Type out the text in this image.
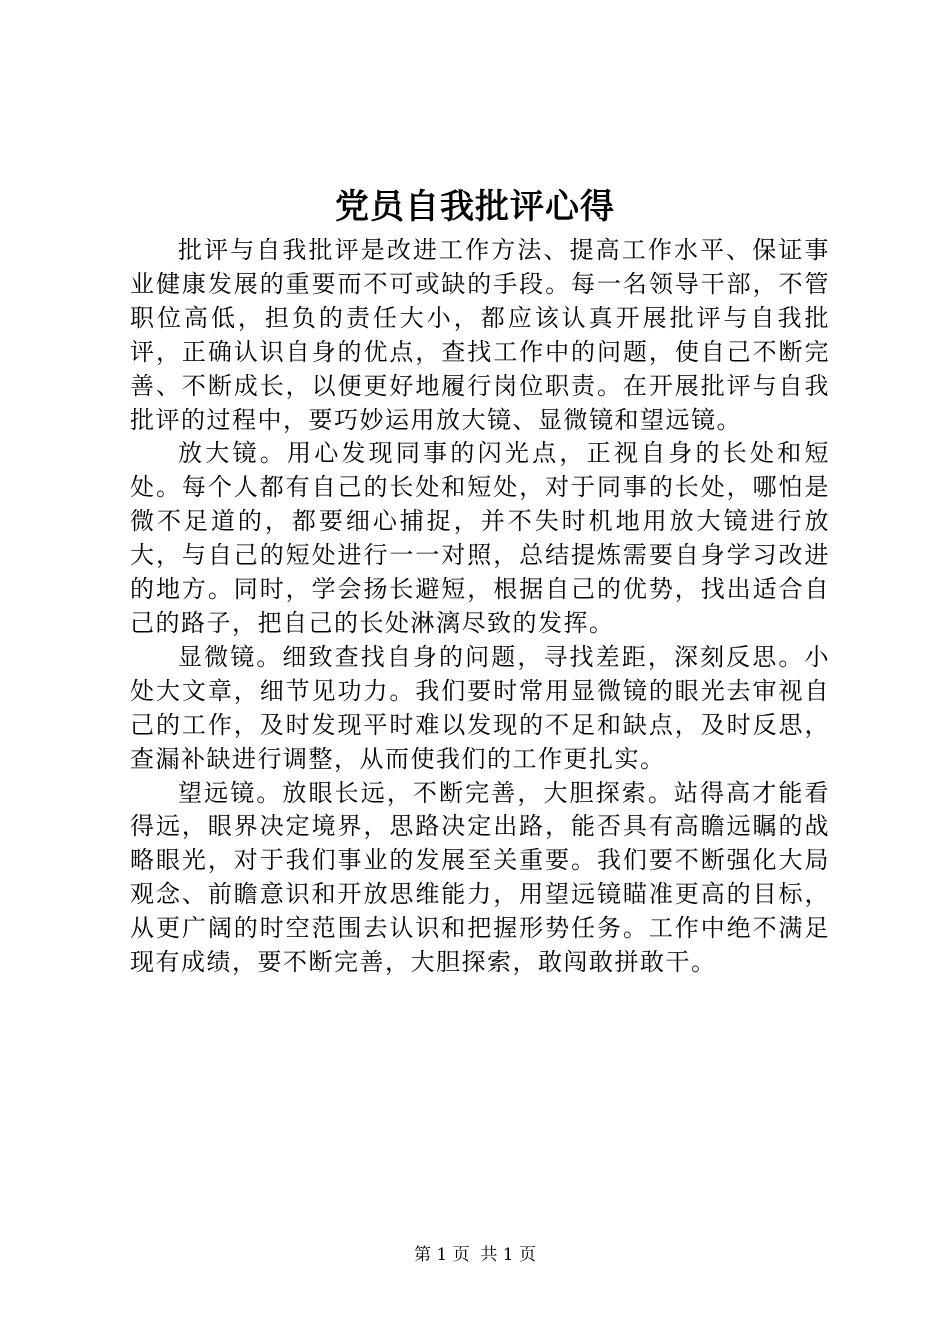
党员自我批评心得

批评与自我批评是改进工作方法、提高工作水平、保证事业健康发展的重要而不可或缺的手段。每一名领导干部，不管职位高低，担负的责任大小，都应该认真开展批评与自我批评，正确认识自身的优点，查找工作中的问题，使自己不断完善、不断成长，以便更好地履行岗位职责。在开展批评与自我批评的过程中，要巧妙运用放大镜、显微镜和望远镜。

放大镜。用心发现同事的闪光点，正视自身的长处和短处。每个人都有自己的长处和短处，对于同事的长处，哪怕是微不足道的，都要细心捕捉，并不失时机地用放大镜进行放大，与自己的短处进行一一对照，总结提炼需要自身学习改进的地方。同时，学会扬长避短，根据自己的优势，找出适合自己的路子，把自己的长处淋漓尽致的发挥。

显微镜。细致查找自身的问题，寻找差距，深刻反思。小处大文章，细节见功力。我们要时常用显微镜的眼光去审视自己的工作，及时发现平时难以发现的不足和缺点，及时反思，查漏补缺进行调整，从而使我们的工作更扎实。

望远镜。放眼长远，不断完善，大胆探索。站得高才能看得远，眼界决定境界，思路决定出路，能否具有高瞻远瞩的战略眼光，对于我们事业的发展至关重要。我们要不断强化大局观念、前瞻意识和开放思维能力，用望远镜瞄准更高的目标，从更广阔的时空范围去认识和把握形势任务。工作中绝不满足现有成绩，要不断完善，大胆探索，敢闯敢拼敢干。

第 1 页 共 1 页
